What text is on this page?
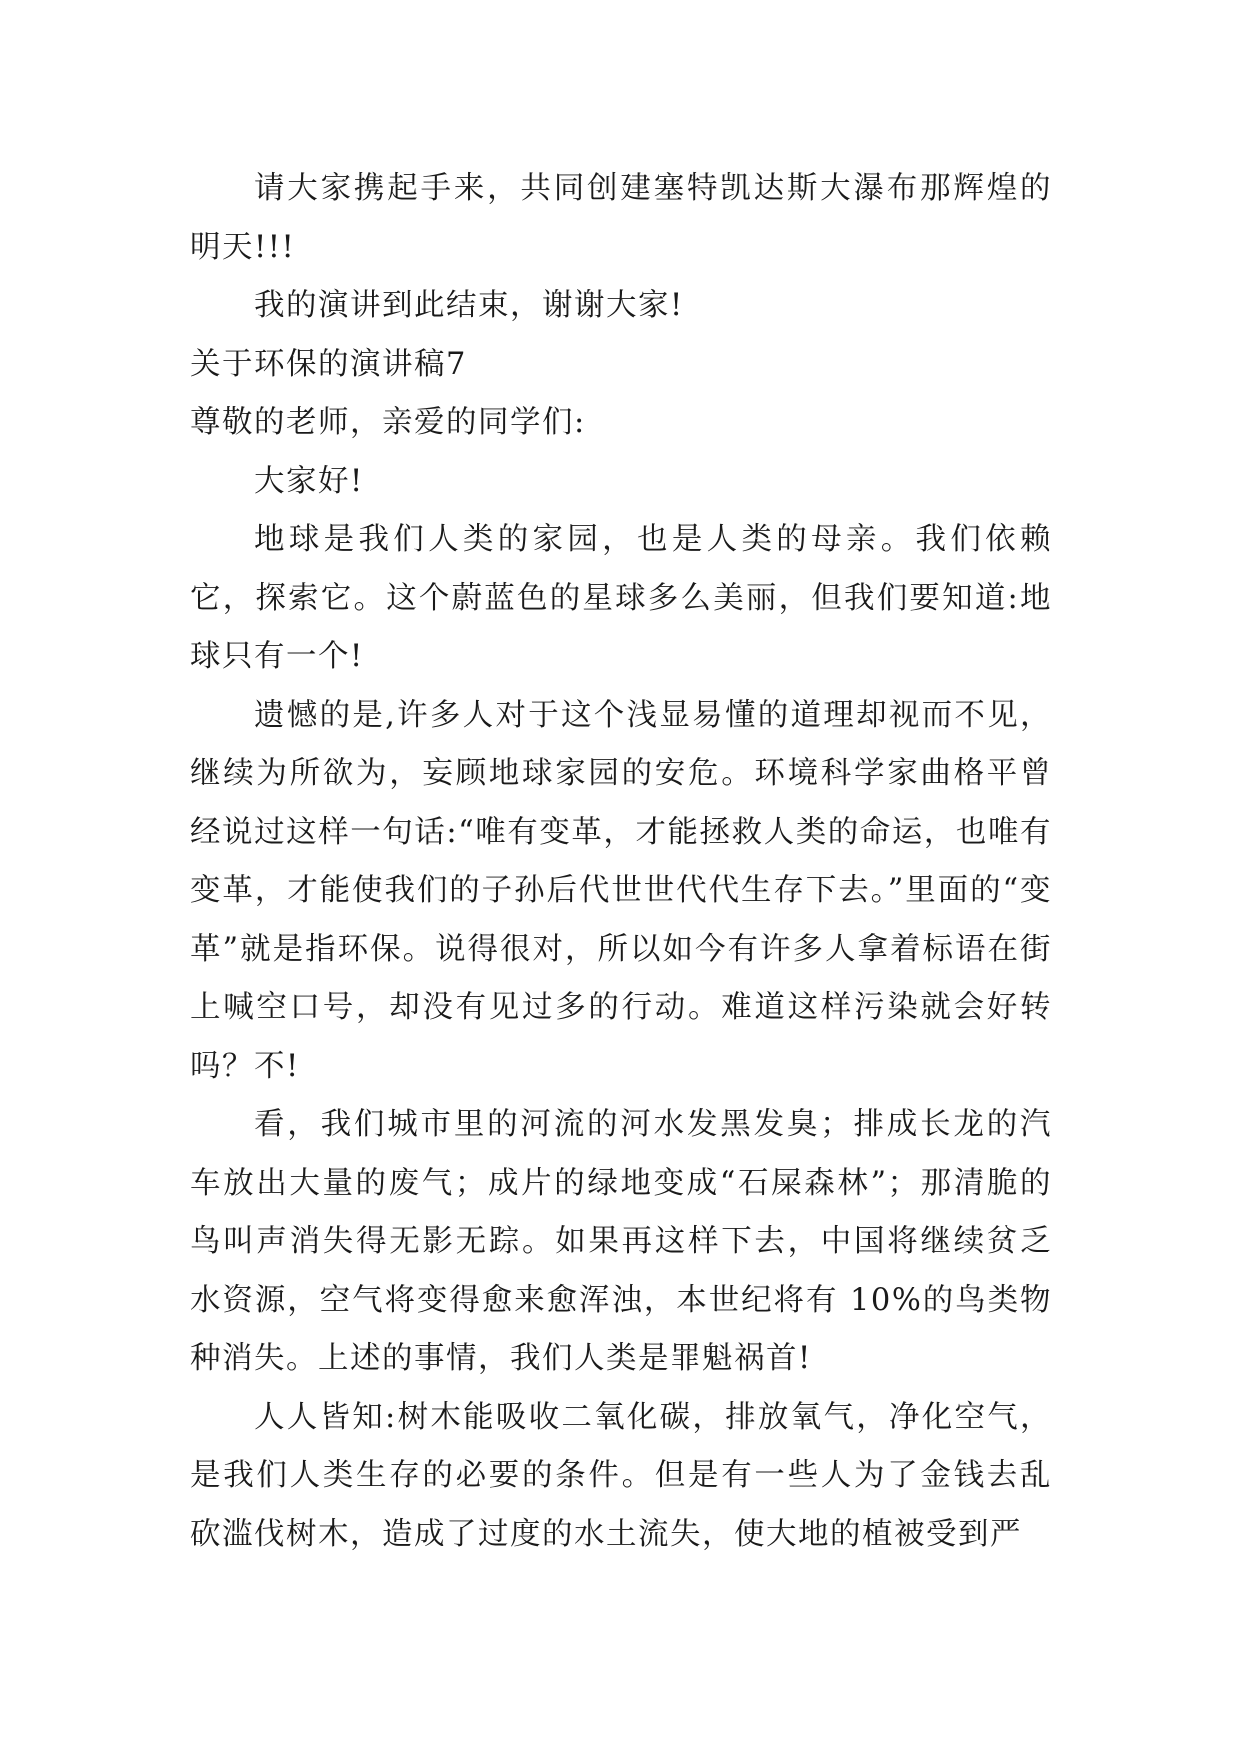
请大家携起手来，共同创建塞特凯达斯大瀑布那辉煌的明天!!!

我的演讲到此结束，谢谢大家!

关于环保的演讲稿7

尊敬的老师，亲爱的同学们:

大家好!

地球是我们人类的家园，也是人类的母亲。我们依赖它，探索它。这个蔚蓝色的星球多么美丽，但我们要知道:地球只有一个!

遗憾的是,许多人对于这个浅显易懂的道理却视而不见，继续为所欲为，妄顾地球家园的安危。环境科学家曲格平曾经说过这样一句话:“唯有变革，才能拯救人类的命运，也唯有变革，才能使我们的子孙后代世世代代生存下去。”里面的“变革”就是指环保。说得很对，所以如今有许多人拿着标语在街上喊空口号，却没有见过多的行动。难道这样污染就会好转吗？不!

看，我们城市里的河流的河水发黑发臭；排成长龙的汽车放出大量的废气；成片的绿地变成“石屎森林”；那清脆的鸟叫声消失得无影无踪。如果再这样下去，中国将继续贫乏水资源，空气将变得愈来愈浑浊，本世纪将有 10%的鸟类物种消失。上述的事情，我们人类是罪魁祸首!

人人皆知:树木能吸收二氧化碳，排放氧气，净化空气，是我们人类生存的必要的条件。但是有一些人为了金钱去乱砍滥伐树木，造成了过度的水土流失，使大地的植被受到严
